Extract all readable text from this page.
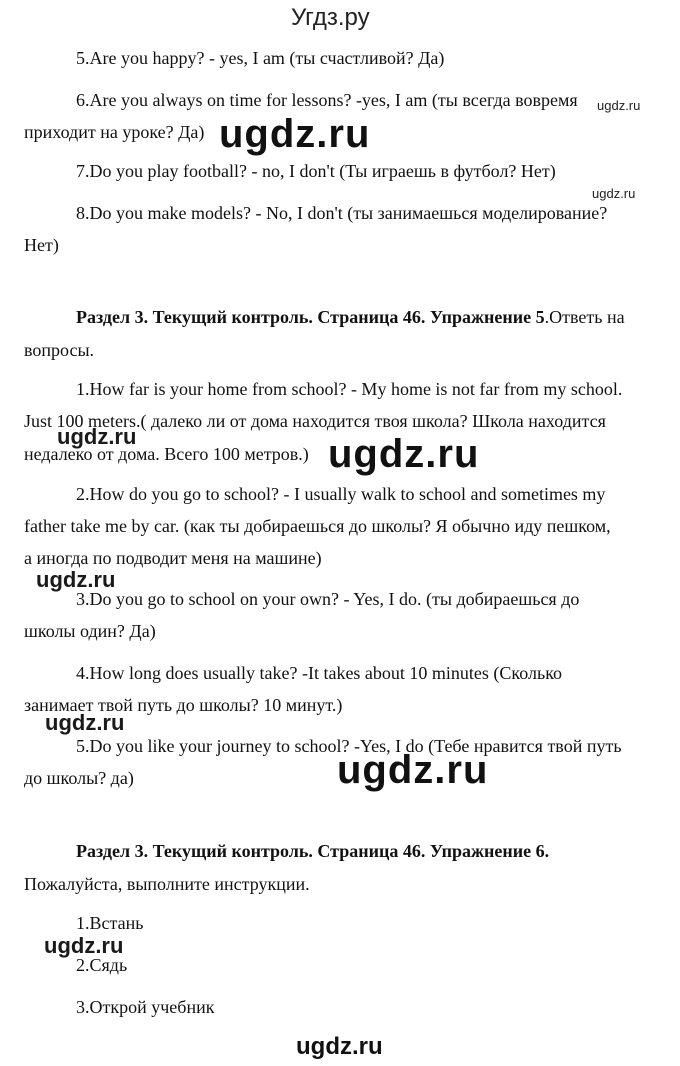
Угдз.ру
5.Are you happy? - yes, I am (ты счастливой? Да)
6.Are you always on time for lessons? -yes, I am (ты всегда вовремя ugdz.ru
приходит на уроке? Да) ugdz.ru
7.Do you play football? - no, I don't (Ты играешь в футбол? Нет)
ugdz.ru
8.Do you make models? - No, I don't (ты занимаешься моделирование?
Нет)
Раздел 3. Текущий контроль. Страница 46. Упражнение 5.Ответь на
вопросы.
1.How far is your home from school? - My home is not far from my school.
Just 100 meters.( далеко ли от дома находится твоя школа? Школа находится
ugdz.ru
недалеко от дома. Всего 100 метров.) ugdz.ru
2.How do you go to school? - I usually walk to school and sometimes my
father take me by car. (как ты добираешься до школы? Я обычно иду пешком,
а иногда по подводит меня на машине)
ugdz.ru
3.Do you go to school on your own? - Yes, I do. (ты добираешься до
школы один? Да)
4.How long does usually take? -It takes about 10 minutes (Сколько
занимает твой путь до школы? 10 минут.)
ugdz.ru
5.Do you like your journey to school? -Yes, I do (Тебе нравится твой путь
до школы? да)	ugdz.ru
Раздел 3. Текущий контроль. Страница 46. Упражнение 6.
Пожалуйста, выполните инструкции.
1.Встань
ugdz.ru
2.Сядь
3.Открой учебник
ugdz.ru
